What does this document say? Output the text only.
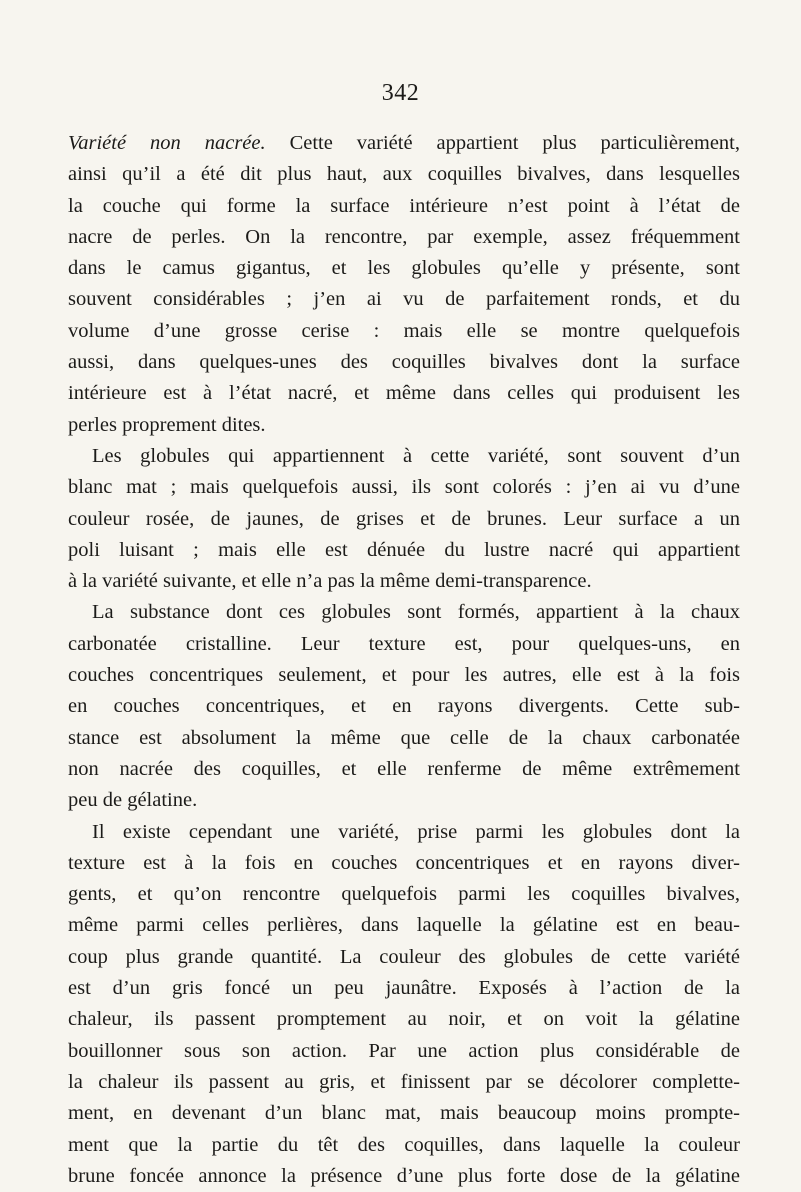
342
Variété non nacrée. Cette variété appartient plus particulièrement,
ainsi qu’il a été dit plus haut, aux coquilles bivalves, dans lesquelles
la couche qui forme la surface intérieure n’est point à l’état de
nacre de perles. On la rencontre, par exemple, assez fréquemment
dans le camus gigantus, et les globules qu’elle y présente, sont
souvent considérables ; j’en ai vu de parfaitement ronds, et du
volume d’une grosse cerise : mais elle se montre quelquefois
aussi, dans quelques-unes des coquilles bivalves dont la surface
intérieure est à l’état nacré, et même dans celles qui produisent les
perles proprement dites.
Les globules qui appartiennent à cette variété, sont souvent d’un
blanc mat ; mais quelquefois aussi, ils sont colorés : j’en ai vu d’une
couleur rosée, de jaunes, de grises et de brunes. Leur surface a un
poli luisant ; mais elle est dénuée du lustre nacré qui appartient
à la variété suivante, et elle n’a pas la même demi-transparence.
La substance dont ces globules sont formés, appartient à la chaux
carbonatée cristalline. Leur texture est, pour quelques-uns, en
couches concentriques seulement, et pour les autres, elle est à la fois
en couches concentriques, et en rayons divergents. Cette sub-
stance est absolument la même que celle de la chaux carbonatée
non nacrée des coquilles, et elle renferme de même extrêmement
peu de gélatine.
Il existe cependant une variété, prise parmi les globules dont la
texture est à la fois en couches concentriques et en rayons diver-
gents, et qu’on rencontre quelquefois parmi les coquilles bivalves,
même parmi celles perlières, dans laquelle la gélatine est en beau-
coup plus grande quantité. La couleur des globules de cette variété
est d’un gris foncé un peu jaunâtre. Exposés à l’action de la
chaleur, ils passent promptement au noir, et on voit la gélatine
bouillonner sous son action. Par une action plus considérable de
la chaleur ils passent au gris, et finissent par se décolorer complette-
ment, en devenant d’un blanc mat, mais beaucoup moins prompte-
ment que la partie du têt des coquilles, dans laquelle la couleur
brune foncée annonce la présence d’une plus forte dose de la gélatine
